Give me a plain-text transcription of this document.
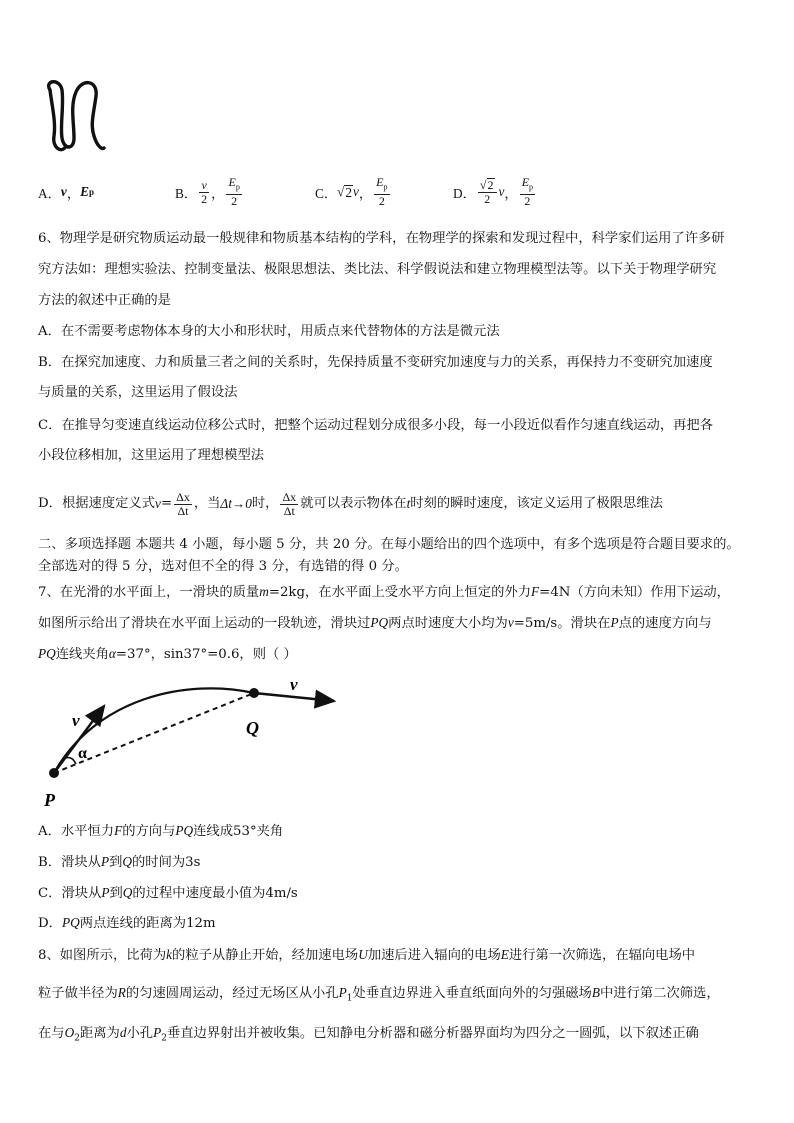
A． v ， E p	B． $\frac{v}{2}$ ， $\frac{E_p}{2}$	C． √ 2 v ， $\frac{E_p}{2}$	D． $\frac{√2}{2}$ v ， $\frac{E_p}{2}$
6、物理学是研究物质运动最一般规律和物质基本结构的学科，在物理学的探索和发现过程中，科学家们运用了许多研
究方法如：理想实验法、控制变量法、极限思想法、类比法、科学假说法和建立物理模型法等。以下关于物理学研究
方法的叙述中正确的是
A．在不需要考虑物体本身的大小和形状时，用质点来代替物体的方法是微元法
B．在探究加速度、力和质量三者之间的关系时，先保持质量不变研究加速度与力的关系，再保持力不变研究加速度
与质量的关系，这里运用了假设法
C．在推导匀变速直线运动位移公式时，把整个运动过程划分成很多小段，每一小段近似看作匀速直线运动，再把各
小段位移相加，这里运用了理想模型法
D．根据速度定义式 $v = \frac{\Delta x}{\Delta t}$ ，当 Δt→0 时， $\frac{\Delta x}{\Delta t}$ 就可以表示物体在 t 时刻的瞬时速度，该定义运用了极限思维法
二、多项选择题 本题共 4 小题，每小题 5 分，共 20 分。在每小题给出的四个选项中，有多个选项是符合题目要求的。
全部选对的得 5 分，选对但不全的得 3 分，有选错的得 0 分。
7、在光滑的水平面上，一滑块的质量m=2kg，在水平面上受水平方向上恒定的外力F=4N（方向未知）作用下运动，
如图所示给出了滑块在水平面上运动的一段轨迹，滑块过PQ两点时速度大小均为v=5m/s。滑块在P点的速度方向与
PQ连线夹角α=37°，sin37°=0.6，则（ ）
v
α
P
Q
v
A．水平恒力F的方向与PQ连线成53°夹角
B．滑块从P到Q的时间为3s
C．滑块从P到Q的过程中速度最小值为4m/s
D．PQ两点连线的距离为12m
8、如图所示，比荷为k的粒子从静止开始，经加速电场U加速后进入辐向的电场E进行第一次筛选，在辐向电场中
粒子做半径为R的匀速圆周运动，经过无场区从小孔$P_1$处垂直边界进入垂直纸面向外的匀强磁场B中进行第二次筛选，
在与$O_2$距离为d小孔$P_2$垂直边界射出并被收集。已知静电分析器和磁分析器界面均为四分之一圆弧，以下叙述正确
